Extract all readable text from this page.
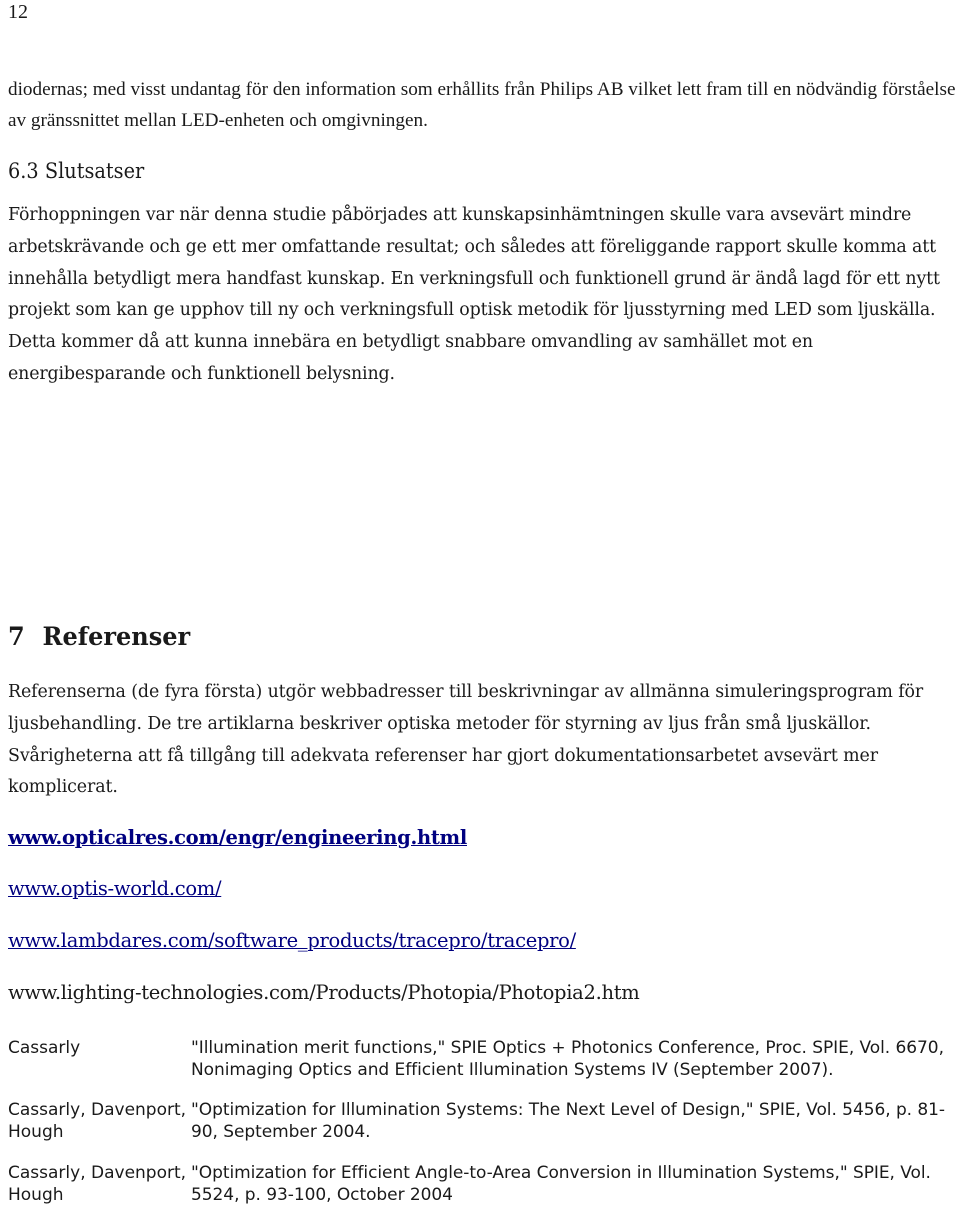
12

diodernas; med visst undantag för den information som erhållits från Philips AB vilket lett fram till en nödvändig förståelse av gränssnittet mellan LED-enheten och omgivningen.

6.3 Slutsatser

Förhoppningen var när denna studie påbörjades att kunskapsinhämtningen skulle vara avsevärt mindre arbetskrävande och ge ett mer omfattande resultat; och således att föreliggande rapport skulle komma att innehålla betydligt mera handfast kunskap. En verkningsfull och funktionell grund är ändå lagd för ett nytt projekt som kan ge upphov till ny och verkningsfull optisk metodik för ljusstyrning med LED som ljuskälla. Detta kommer då att kunna innebära en betydligt snabbare omvandling av samhället mot en energibesparande och funktionell belysning.

7 Referenser

Referenserna (de fyra första) utgör webbadresser till beskrivningar av allmänna simuleringsprogram för ljusbehandling. De tre artiklarna beskriver optiska metoder för styrning av ljus från små ljuskällor. Svårigheterna att få tillgång till adekvata referenser har gjort dokumentationsarbetet avsevärt mer komplicerat.

www.opticalres.com/engr/engineering.html
www.optis-world.com/
www.lambdares.com/software_products/tracepro/tracepro/
www.lighting-technologies.com/Products/Photopia/Photopia2.htm
Cassarly	"Illumination merit functions," SPIE Optics + Photonics Conference, Proc. SPIE, Vol. 6670, Nonimaging Optics and Efficient Illumination Systems IV (September 2007).
Cassarly, Davenport, Hough
"Optimization for Illumination Systems: The Next Level of Design," SPIE, Vol. 5456, p. 81-90, September 2004.
Cassarly, Davenport, Hough
"Optimization for Efficient Angle-to-Area Conversion in Illumination Systems," SPIE, Vol. 5524, p. 93-100, October 2004
